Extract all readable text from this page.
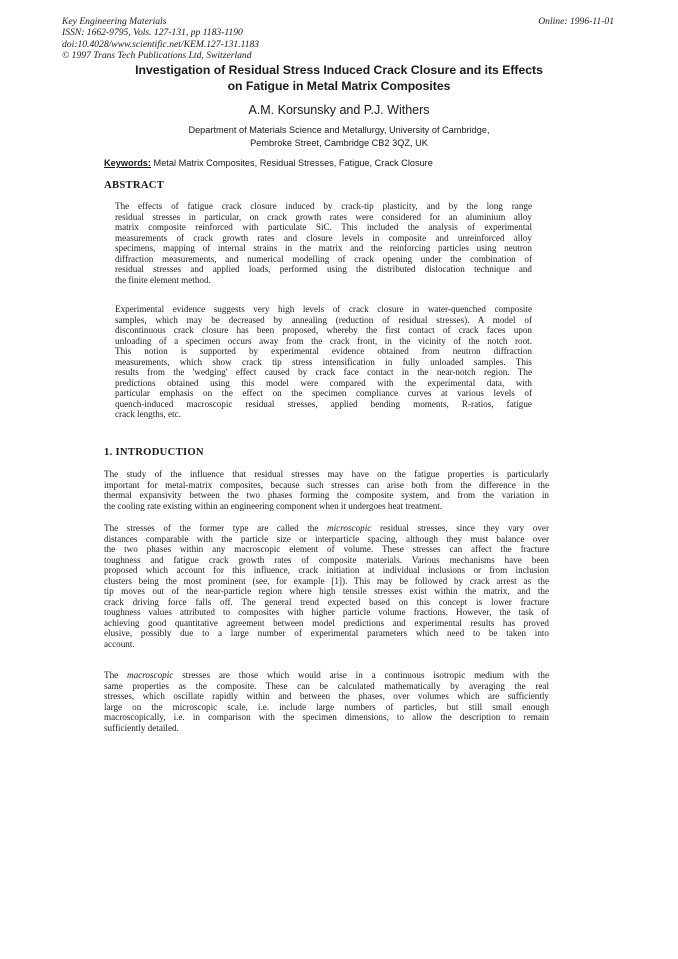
Key Engineering Materials
ISSN: 1662-9795, Vols. 127-131, pp 1183-1190
doi:10.4028/www.scientific.net/KEM.127-131.1183
© 1997 Trans Tech Publications Ltd, Switzerland
Online: 1996-11-01
Investigation of Residual Stress Induced Crack Closure and its Effects
on Fatigue in Metal Matrix Composites
A.M. Korsunsky and P.J. Withers
Department of Materials Science and Metallurgy, University of Cambridge,
Pembroke Street, Cambridge CB2 3QZ, UK
Keywords: Metal Matrix Composites, Residual Stresses, Fatigue, Crack Closure
ABSTRACT

The effects of fatigue crack closure induced by crack-tip plasticity, and by the long range
residual stresses in particular, on crack growth rates were considered for an aluminium alloy
matrix composite reinforced with particulate SiC. This included the analysis of experimental
measurements of crack growth rates and closure levels in composite and unreinforced alloy
specimens, mapping of internal strains in the matrix and the reinforcing particles using neutron
diffraction measurements, and numerical modelling of crack opening under the combination of
residual stresses and applied loads, performed using the distributed dislocation technique and
the finite element method.

Experimental evidence suggests very high levels of crack closure in water-quenched composite
samples, which may be decreased by annealing (reduction of residual stresses). A model of
discontinuous crack closure has been proposed, whereby the first contact of crack faces upon
unloading of a specimen occurs away from the crack front, in the vicinity of the notch root.
This notion is supported by experimental evidence obtained from neutron diffraction
measurements, which show crack tip stress intensification in fully unloaded samples. This
results from the 'wedging' effect caused by crack face contact in the near-notch region. The
predictions obtained using this model were compared with the experimental data, with
particular emphasis on the effect on the specimen compliance curves at various levels of
quench-induced macroscopic residual stresses, applied bending moments, R-ratios, fatigue
crack lengths, etc.

1. INTRODUCTION

The study of the influence that residual stresses may have on the fatigue properties is particularly
important for metal-matrix composites, because such stresses can arise both from the difference in the
thermal expansivity between the two phases forming the composite system, and from the variation in
the cooling rate existing within an engineering component when it undergoes heat treatment.

The stresses of the former type are called the microscopic residual stresses, since they vary over
distances comparable with the particle size or interparticle spacing, although they must balance over
the two phases within any macroscopic element of volume. These stresses can affect the fracture
toughness and fatigue crack growth rates of composite materials. Various mechanisms have been
proposed which account for this influence, crack initiation at individual inclusions or from inclusion
clusters being the most prominent (see, for example [1]). This may be followed by crack arrest as the
tip moves out of the near-particle region where high tensile stresses exist within the matrix, and the
crack driving force falls off. The general trend expected based on this concept is lower fracture
toughness values attributed to composites with higher particle volume fractions. However, the task of
achieving good quantitative agreement between model predictions and experimental results has proved
elusive, possibly due to a large number of experimental parameters which need to be taken into
account.

The macroscopic stresses are those which would arise in a continuous isotropic medium with the
same properties as the composite. These can be calculated mathematically by averaging the real
stresses, which oscillate rapidly within and between the phases, over volumes which are sufficiently
large on the microscopic scale, i.e. include large numbers of particles, but still small enough
macroscopically, i.e. in comparison with the specimen dimensions, to allow the description to remain
sufficiently detailed.
